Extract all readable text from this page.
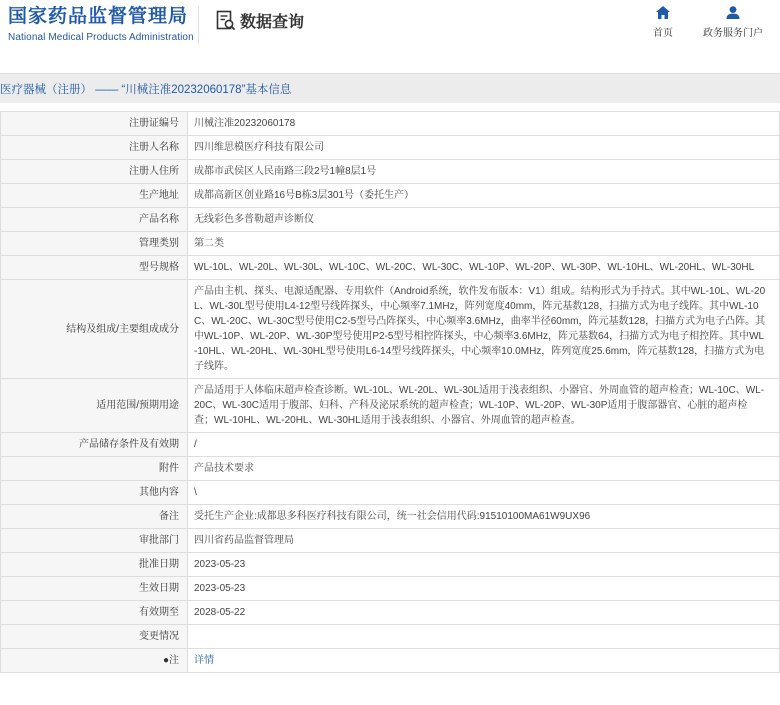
国家药品监督管理局
National Medical Products Administration
数据查询
首页	政务服务门户
医疗器械（注册） —— “川械注准20232060178”基本信息
注册证编号	川械注准20232060178
注册人名称	四川维思模医疗科技有限公司
注册人住所	成都市武侯区人民南路三段2号1幢8层1号
生产地址	成都高新区创业路16号B栋3层301号（委托生产）
产品名称	无线彩色多普勒超声诊断仪
管理类别	第二类
型号规格	WL-10L、WL-20L、WL-30L、WL-10C、WL-20C、WL-30C、WL-10P、WL-20P、WL-30P、WL-10HL、WL-20HL、WL-30HL
结构及组成/主要组成成分	产品由主机、探头、电源适配器、专用软件（Android系统，软件发布版本：V1）组成。结构形式为手持式。其中WL-10L、WL-20L、WL-30L型号使用L4-12型号线阵探头，中心频率7.1MHz，阵列宽度40mm，阵元基数128，扫描方式为电子线阵。其中WL-10C、WL-20C、WL-30C型号使用C2-5型号凸阵探头，中心频率3.6MHz，曲率半径60mm，阵元基数128，扫描方式为电子凸阵。其中WL-10P、WL-20P、WL-30P型号使用P2-5型号相控阵探头，中心频率3.6MHz，阵元基数64，扫描方式为电子相控阵。其中WL-10HL、WL-20HL、WL-30HL型号使用L6-14型号线阵探头，中心频率10.0MHz，阵列宽度25.6mm，阵元基数128，扫描方式为电子线阵。
适用范围/预期用途	产品适用于人体临床超声检查诊断。WL-10L、WL-20L、WL-30L适用于浅表组织、小器官、外周血管的超声检查；WL-10C、WL-20C、WL-30C适用于腹部、妇科、产科及泌尿系统的超声检查；WL-10P、WL-20P、WL-30P适用于腹部器官、心脏的超声检查；WL-10HL、WL-20HL、WL-30HL适用于浅表组织、小器官、外周血管的超声检查。
产品储存条件及有效期	/
附件	产品技术要求
其他内容	\
备注	受托生产企业:成都思多科医疗科技有限公司，统一社会信用代码:91510100MA61W9UX96
审批部门	四川省药品监督管理局
批准日期	2023-05-23
生效日期	2023-05-23
有效期至	2028-05-22
变更情况	
●注	详情
